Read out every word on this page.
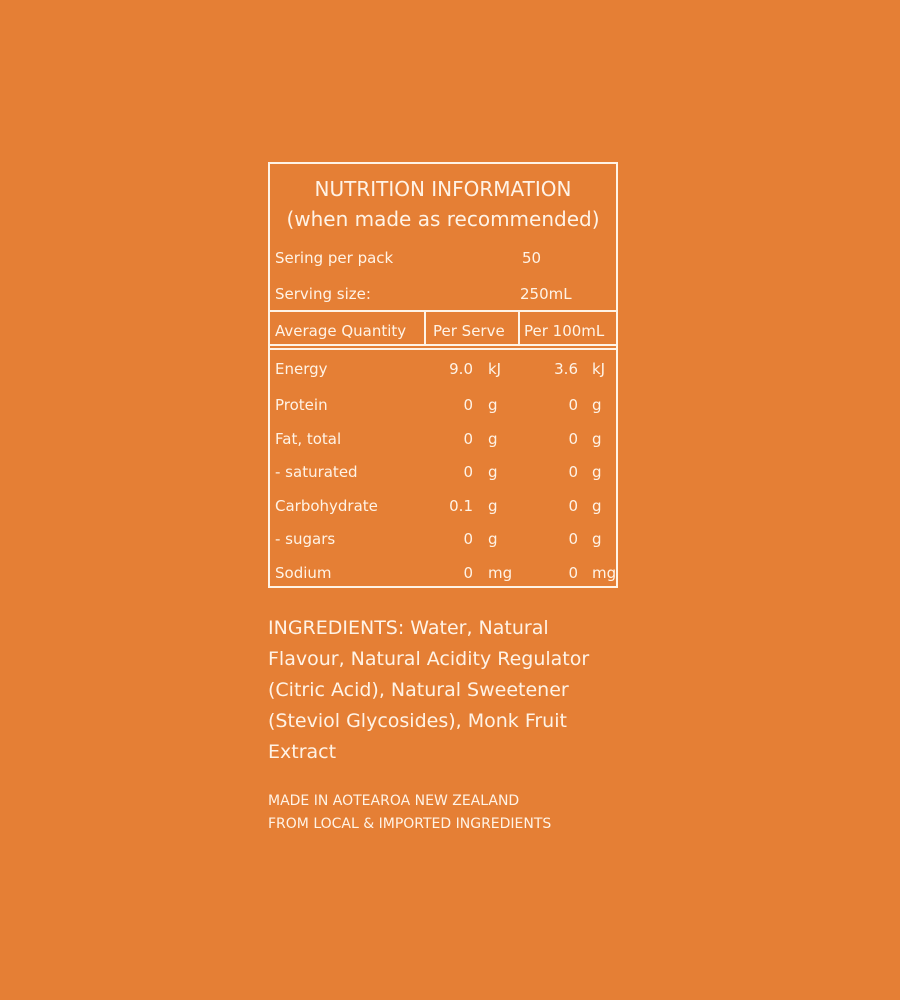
NUTRITION INFORMATION
(when made as recommended)
Sering per pack	50
Serving size:	250mL
Average Quantity Per Serve Per 100mL
Energy	9.0 kJ	3.6 kJ
Protein	0 g	0 g
Fat, total	0 g	0 g
- saturated	0 g	0 g
Carbohydrate	0.1 g	0 g
- sugars	0 g	0 g
Sodium	0 mg	0 mg
INGREDIENTS: Water, Natural Flavour, Natural Acidity Regulator (Citric Acid), Natural Sweetener (Steviol Glycosides), Monk Fruit Extract
MADE IN AOTEAROA NEW ZEALAND
FROM LOCAL & IMPORTED INGREDIENTS
